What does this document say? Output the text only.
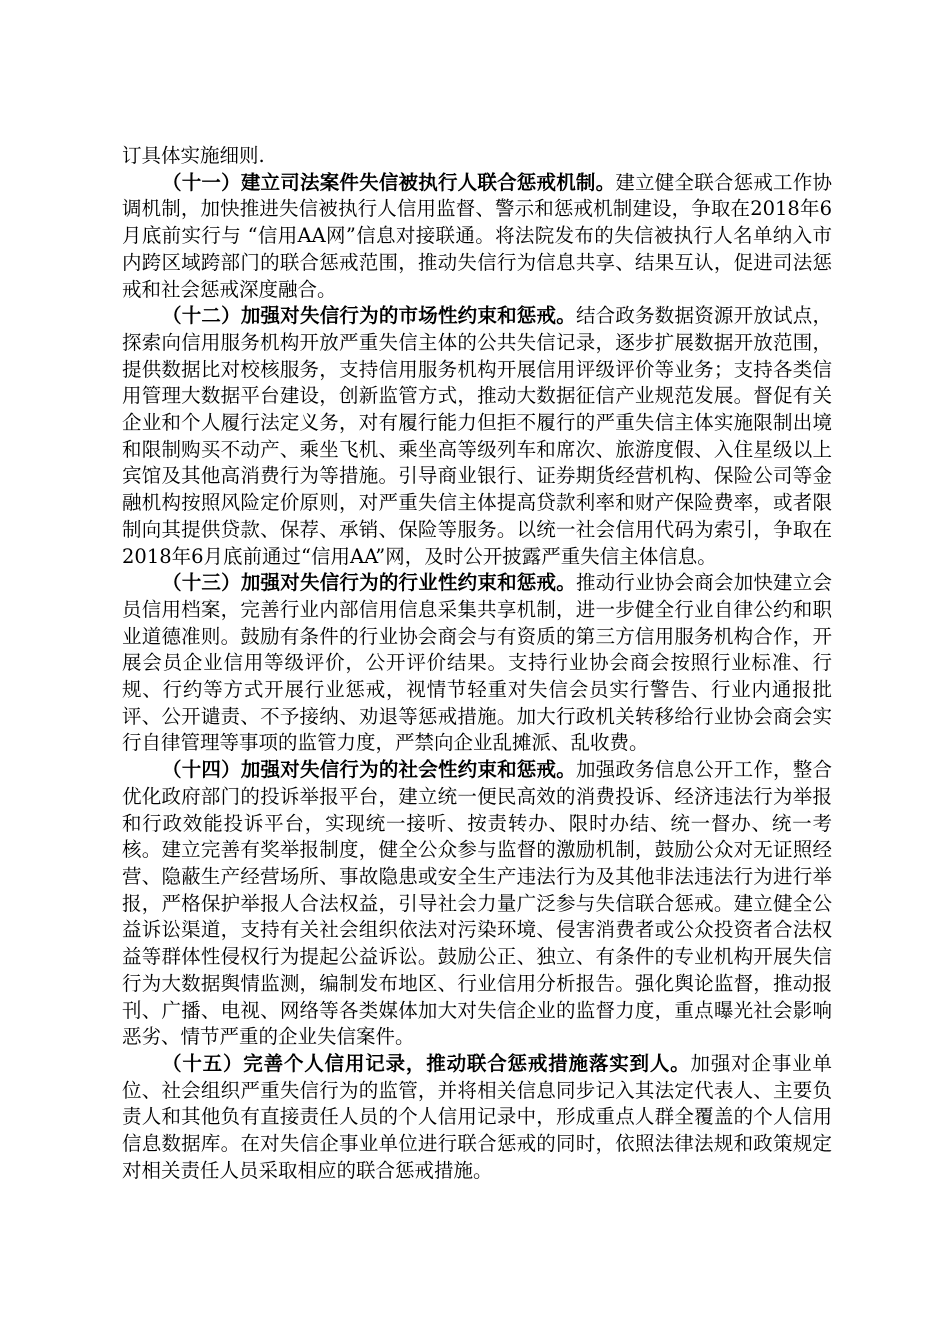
订具体实施细则.

（十一）建立司法案件失信被执行人联合惩戒机制。建立健全联合惩戒工作协调机制，加快推进失信被执行人信用监督、警示和惩戒机制建设，争取在2018年6月底前实行与 “信用AA网”信息对接联通。将法院发布的失信被执行人名单纳入市内跨区域跨部门的联合惩戒范围，推动失信行为信息共享、结果互认，促进司法惩戒和社会惩戒深度融合。

（十二）加强对失信行为的市场性约束和惩戒。结合政务数据资源开放试点，探索向信用服务机构开放严重失信主体的公共失信记录，逐步扩展数据开放范围，提供数据比对校核服务，支持信用服务机构开展信用评级评价等业务；支持各类信用管理大数据平台建设，创新监管方式，推动大数据征信产业规范发展。督促有关企业和个人履行法定义务，对有履行能力但拒不履行的严重失信主体实施限制出境和限制购买不动产、乘坐飞机、乘坐高等级列车和席次、旅游度假、入住星级以上宾馆及其他高消费行为等措施。引导商业银行、证券期货经营机构、保险公司等金融机构按照风险定价原则，对严重失信主体提高贷款利率和财产保险费率，或者限制向其提供贷款、保荐、承销、保险等服务。以统一社会信用代码为索引，争取在2018年6月底前通过“信用AA”网，及时公开披露严重失信主体信息。

（十三）加强对失信行为的行业性约束和惩戒。推动行业协会商会加快建立会员信用档案，完善行业内部信用信息采集共享机制，进一步健全行业自律公约和职业道德准则。鼓励有条件的行业协会商会与有资质的第三方信用服务机构合作，开展会员企业信用等级评价，公开评价结果。支持行业协会商会按照行业标准、行规、行约等方式开展行业惩戒，视情节轻重对失信会员实行警告、行业内通报批评、公开谴责、不予接纳、劝退等惩戒措施。加大行政机关转移给行业协会商会实行自律管理等事项的监管力度，严禁向企业乱摊派、乱收费。

（十四）加强对失信行为的社会性约束和惩戒。加强政务信息公开工作，整合优化政府部门的投诉举报平台，建立统一便民高效的消费投诉、经济违法行为举报和行政效能投诉平台，实现统一接听、按责转办、限时办结、统一督办、统一考核。建立完善有奖举报制度，健全公众参与监督的激励机制，鼓励公众对无证照经营、隐蔽生产经营场所、事故隐患或安全生产违法行为及其他非法违法行为进行举报，严格保护举报人合法权益，引导社会力量广泛参与失信联合惩戒。建立健全公益诉讼渠道，支持有关社会组织依法对污染环境、侵害消费者或公众投资者合法权益等群体性侵权行为提起公益诉讼。鼓励公正、独立、有条件的专业机构开展失信行为大数据舆情监测，编制发布地区、行业信用分析报告。强化舆论监督，推动报刊、广播、电视、网络等各类媒体加大对失信企业的监督力度，重点曝光社会影响恶劣、情节严重的企业失信案件。

（十五）完善个人信用记录，推动联合惩戒措施落实到人。加强对企事业单位、社会组织严重失信行为的监管，并将相关信息同步记入其法定代表人、主要负责人和其他负有直接责任人员的个人信用记录中，形成重点人群全覆盖的个人信用信息数据库。在对失信企事业单位进行联合惩戒的同时，依照法律法规和政策规定对相关责任人员采取相应的联合惩戒措施。
